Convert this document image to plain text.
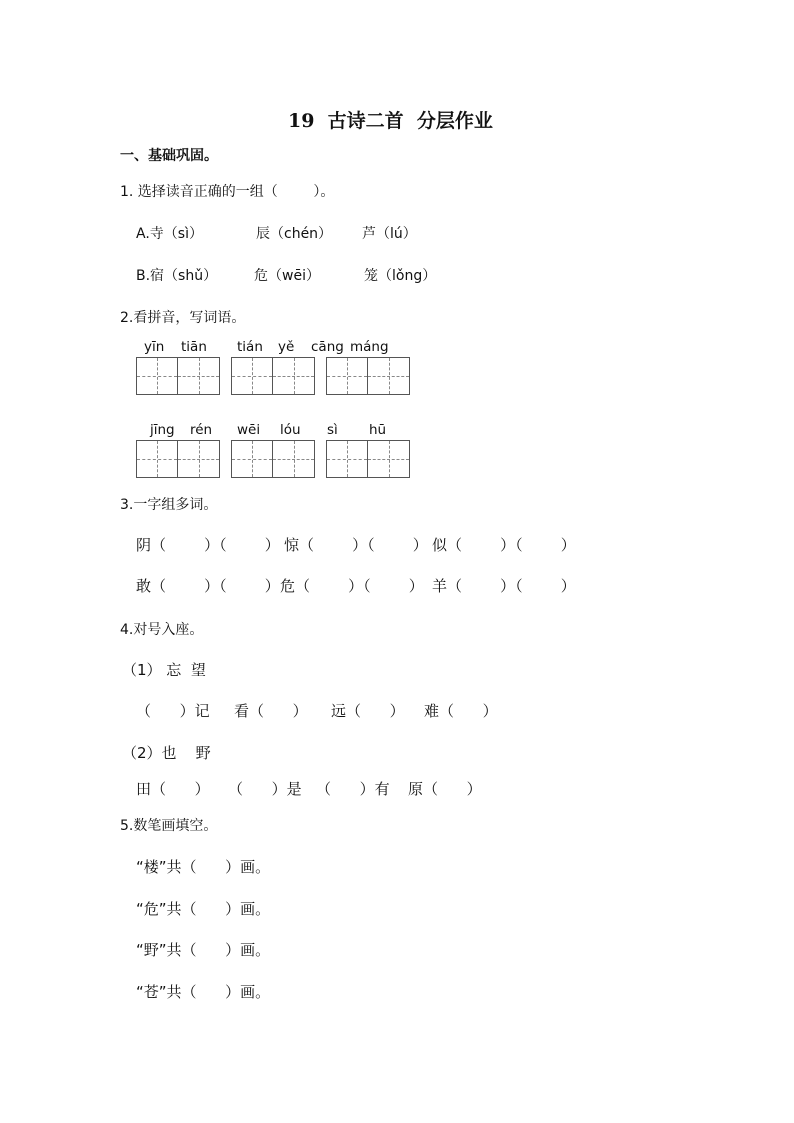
19  古诗二首  分层作业
一、基础巩固。
1. 选择读音正确的一组（        ）。
A.寺（sì）	辰（chén） 芦（lú）
B.宿（shǔ）	危（wēi）	笼（lǒng）
2.看拼音，写词语。
yīn tiān tián yě cāng máng
jīng rén wēi lóu sì hū
3.一字组多词。
阴（        ）（        ） 惊（        ）（        ） 似（        ）（        ）
敢（        ）（        ） 危（        ）（        ） 羊（        ）（        ）
4.对号入座。
（1） 忘  望
（      ）记 看（      ） 远（      ） 难（      ）
（2）也    野
田（      ） （      ）是 （      ）有 原（      ）
5.数笔画填空。
“楼”共（      ）画。
“危”共（      ）画。
“野”共（      ）画。
“苍”共（      ）画。
